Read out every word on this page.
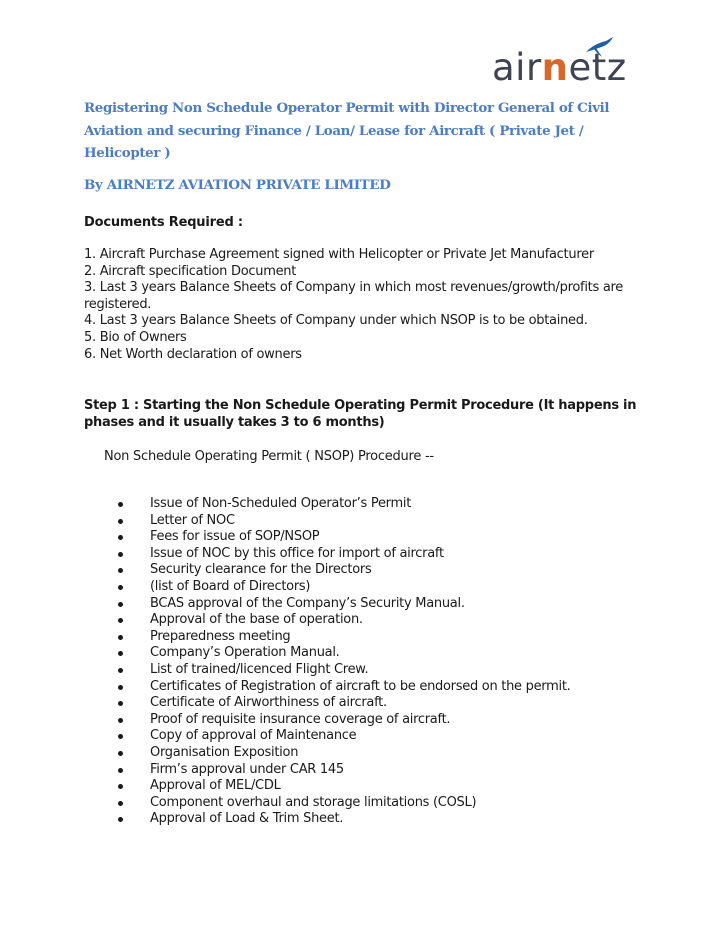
airnetz
Registering Non Schedule Operator Permit with Director General of Civil Aviation and securing Finance / Loan/ Lease for Aircraft ( Private Jet / Helicopter )
By AIRNETZ AVIATION PRIVATE LIMITED
Documents Required :
1. Aircraft Purchase Agreement signed with Helicopter or Private Jet Manufacturer
2. Aircraft specification Document
3. Last 3 years Balance Sheets of Company in which most revenues/growth/profits are registered.
4. Last 3 years Balance Sheets of Company under which NSOP is to be obtained.
5. Bio of Owners
6. Net Worth declaration of owners
Step 1 : Starting the Non Schedule Operating Permit Procedure (It happens in phases and it usually takes 3 to 6 months)
Non Schedule Operating Permit ( NSOP) Procedure --
Issue of Non-Scheduled Operator’s Permit
Letter of NOC
Fees for issue of SOP/NSOP
Issue of NOC by this office for import of aircraft
Security clearance for the Directors
(list of Board of Directors)
BCAS approval of the Company’s Security Manual.
Approval of the base of operation.
Preparedness meeting
Company’s Operation Manual.
List of trained/licenced Flight Crew.
Certificates of Registration of aircraft to be endorsed on the permit.
Certificate of Airworthiness of aircraft.
Proof of requisite insurance coverage of aircraft.
Copy of approval of Maintenance
Organisation Exposition
Firm’s approval under CAR 145
Approval of MEL/CDL
Component overhaul and storage limitations (COSL)
Approval of Load & Trim Sheet.
